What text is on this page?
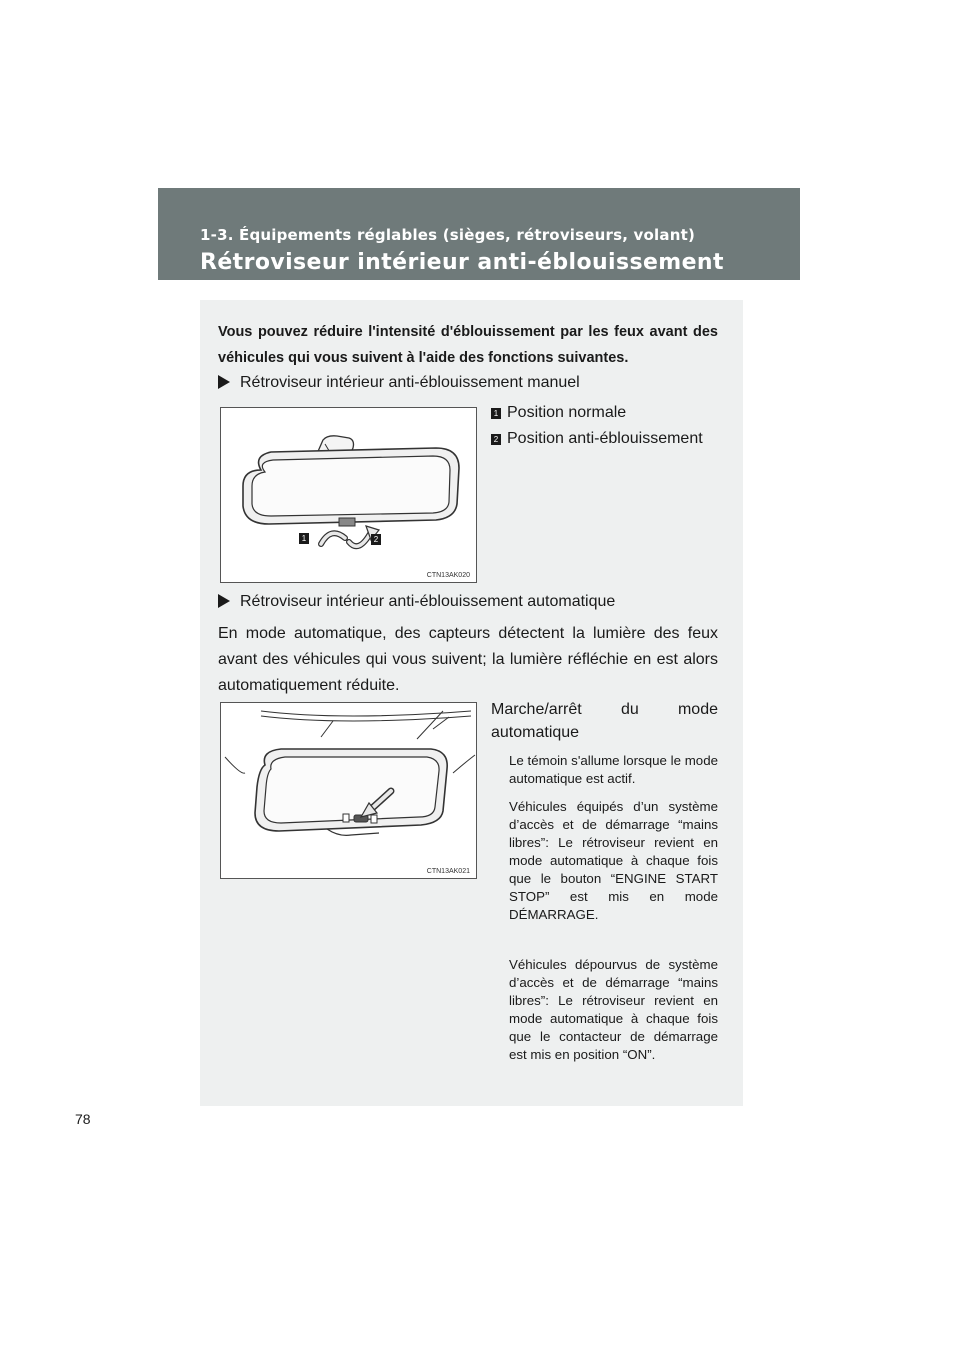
1-3. Équipements réglables (sièges, rétroviseurs, volant)
Rétroviseur intérieur anti-éblouissement
Vous pouvez réduire l'intensité d'éblouissement par les feux avant des véhicules qui vous suivent à l'aide des fonctions suivantes.
Rétroviseur intérieur anti-éblouissement manuel
1	2
CTN13AK020
1 Position normale
2 Position anti-éblouissement
Rétroviseur intérieur anti-éblouissement automatique
En mode automatique, des capteurs détectent la lumière des feux avant des véhicules qui vous suivent; la lumière réfléchie en est alors automatiquement réduite.
CTN13AK021
Marche/arrêt du mode automatique
Le témoin s'allume lorsque le mode automatique est actif.
Véhicules équipés d’un système d’accès et de démarrage “mains libres”: Le rétroviseur revient en mode automatique à chaque fois que le bouton “ENGINE START STOP” est mis en mode DÉMARRAGE.
Véhicules dépourvus de système d’accès et de démarrage “mains libres”: Le rétroviseur revient en mode automatique à chaque fois que le contacteur de démarrage est mis en position “ON”.
78
